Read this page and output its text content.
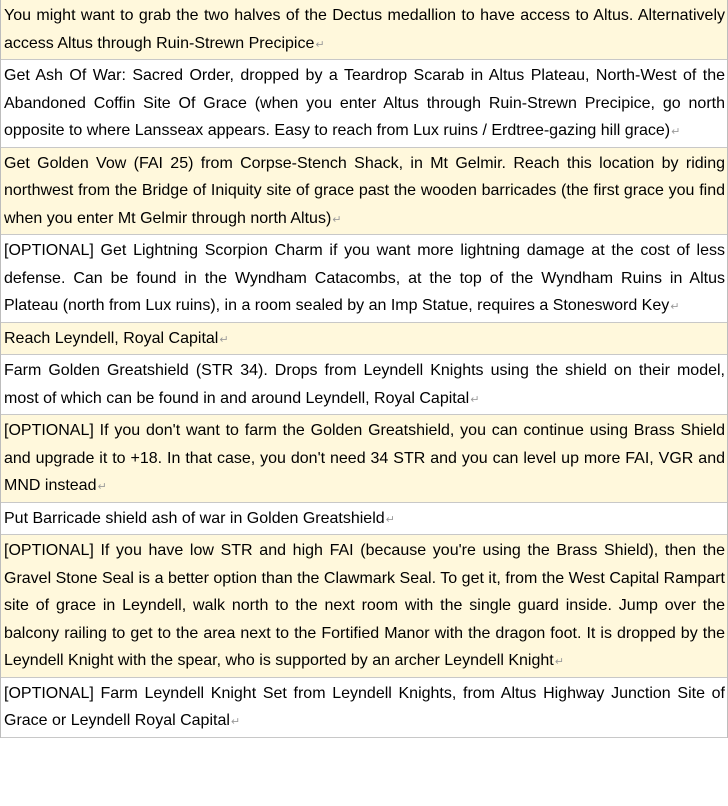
You might want to grab the two halves of the Dectus medallion to have access to Altus. Alternatively access Altus through Ruin-Strewn Precipice↵
Get Ash Of War: Sacred Order, dropped by a Teardrop Scarab in Altus Plateau, North-West of the Abandoned Coffin Site Of Grace (when you enter Altus through Ruin-Strewn Precipice, go north opposite to where Lansseax appears. Easy to reach from Lux ruins / Erdtree-gazing hill grace)↵
Get Golden Vow (FAI 25) from Corpse-Stench Shack, in Mt Gelmir. Reach this location by riding northwest from the Bridge of Iniquity site of grace past the wooden barricades (the first grace you find when you enter Mt Gelmir through north Altus)↵
[OPTIONAL] Get Lightning Scorpion Charm if you want more lightning damage at the cost of less defense. Can be found in the Wyndham Catacombs, at the top of the Wyndham Ruins in Altus Plateau (north from Lux ruins), in a room sealed by an Imp Statue, requires a Stonesword Key↵
Reach Leyndell, Royal Capital↵
Farm Golden Greatshield (STR 34). Drops from Leyndell Knights using the shield on their model, most of which can be found in and around Leyndell, Royal Capital↵
[OPTIONAL] If you don't want to farm the Golden Greatshield, you can continue using Brass Shield and upgrade it to +18. In that case, you don't need 34 STR and you can level up more FAI, VGR and MND instead↵
Put Barricade shield ash of war in Golden Greatshield↵
[OPTIONAL] If you have low STR and high FAI (because you're using the Brass Shield), then the Gravel Stone Seal is a better option than the Clawmark Seal. To get it, from the West Capital Rampart site of grace in Leyndell, walk north to the next room with the single guard inside. Jump over the balcony railing to get to the area next to the Fortified Manor with the dragon foot. It is dropped by the Leyndell Knight with the spear, who is supported by an archer Leyndell Knight↵
[OPTIONAL] Farm Leyndell Knight Set from Leyndell Knights, from Altus Highway Junction Site of Grace or Leyndell Royal Capital↵
